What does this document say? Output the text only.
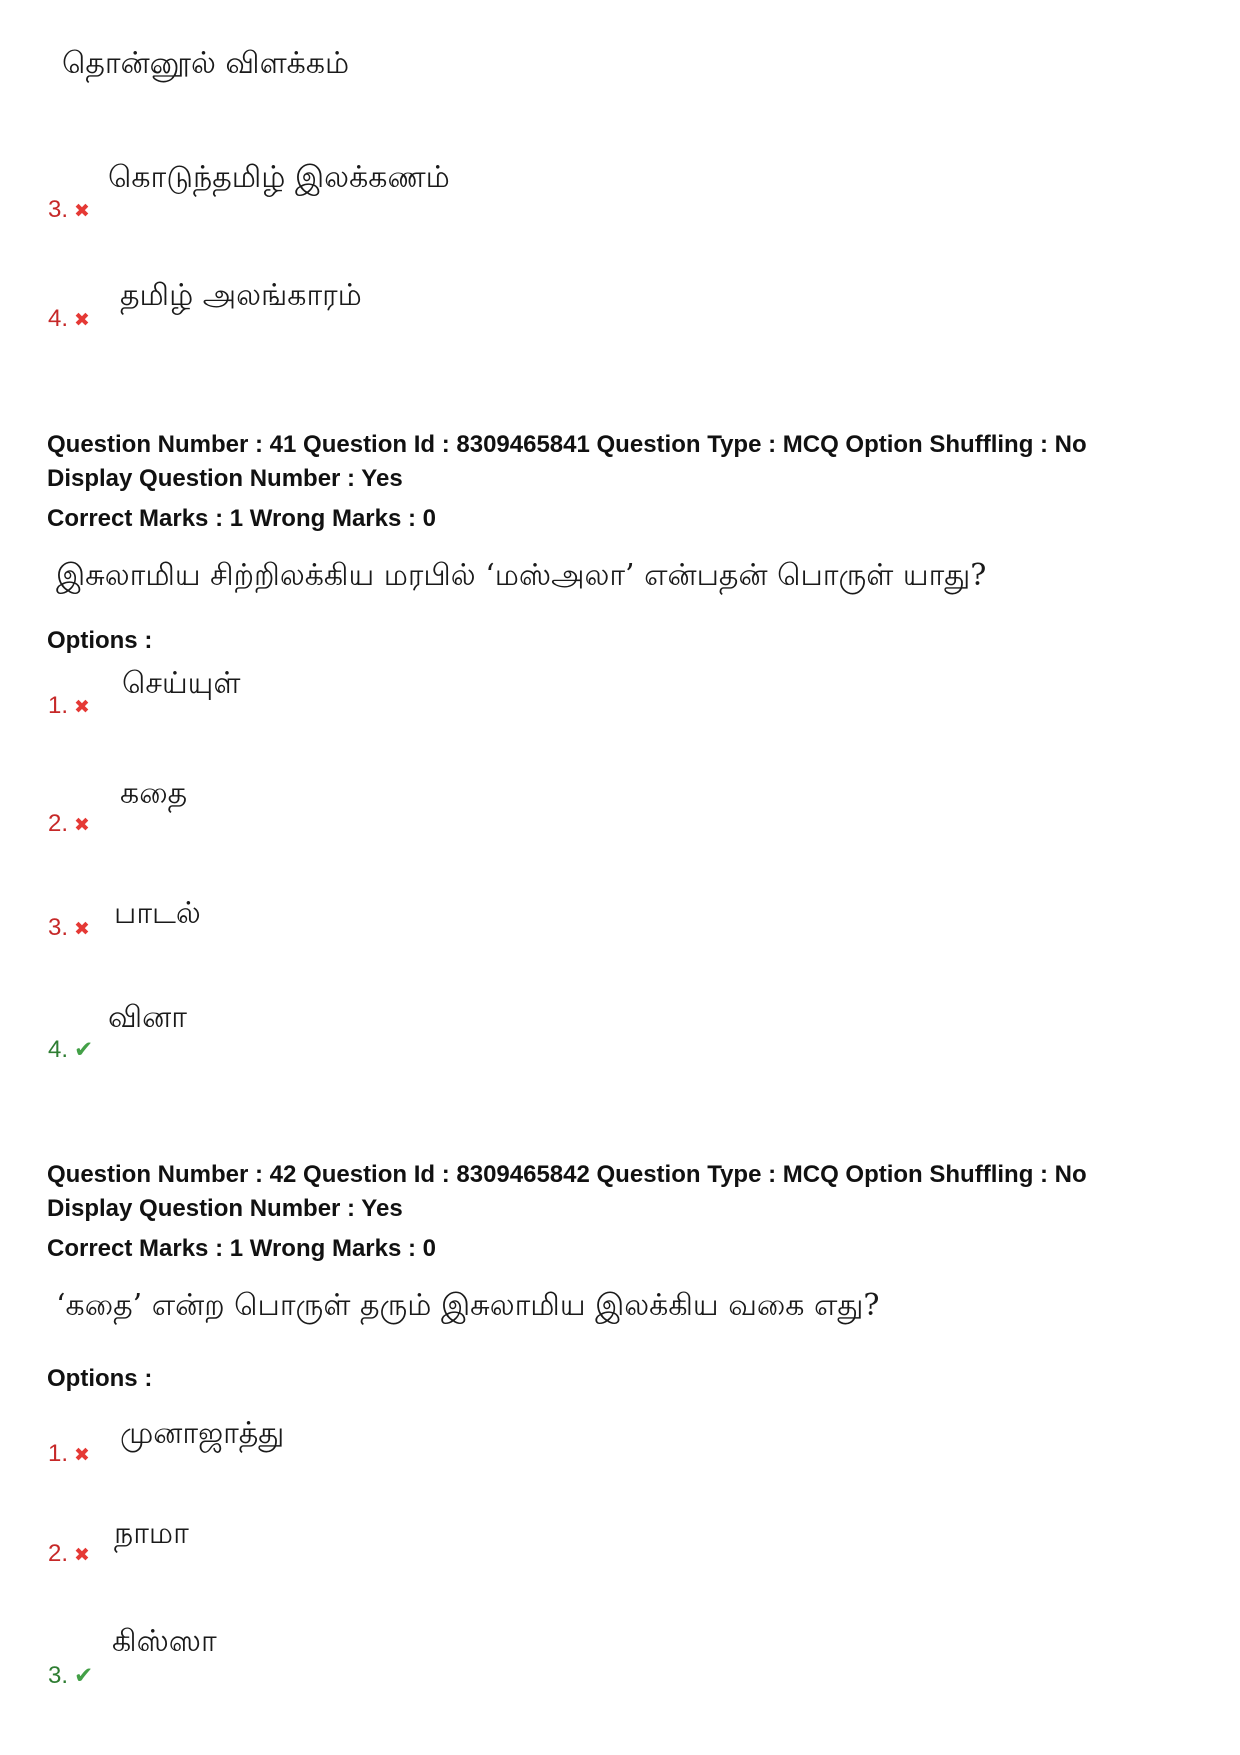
தொன்னூல் விளக்கம்
கொடுந்தமிழ் இலக்கணம்
3. ✖
தமிழ் அலங்காரம்
4. ✖
Question Number : 41 Question Id : 8309465841 Question Type : MCQ Option Shuffling : No
Display Question Number : Yes
Correct Marks : 1 Wrong Marks : 0
இசுலாமிய சிற்றிலக்கிய மரபில் ‘மஸ்அலா’ என்பதன் பொருள் யாது?
Options :
செய்யுள்
1. ✖
கதை
2. ✖
பாடல்
3. ✖
வினா
4. ✔
Question Number : 42 Question Id : 8309465842 Question Type : MCQ Option Shuffling : No
Display Question Number : Yes
Correct Marks : 1 Wrong Marks : 0
‘கதை’ என்ற பொருள் தரும் இசுலாமிய இலக்கிய வகை எது?
Options :
முனாஜாத்து
1. ✖
நாமா
2. ✖
கிஸ்ஸா
3. ✔
